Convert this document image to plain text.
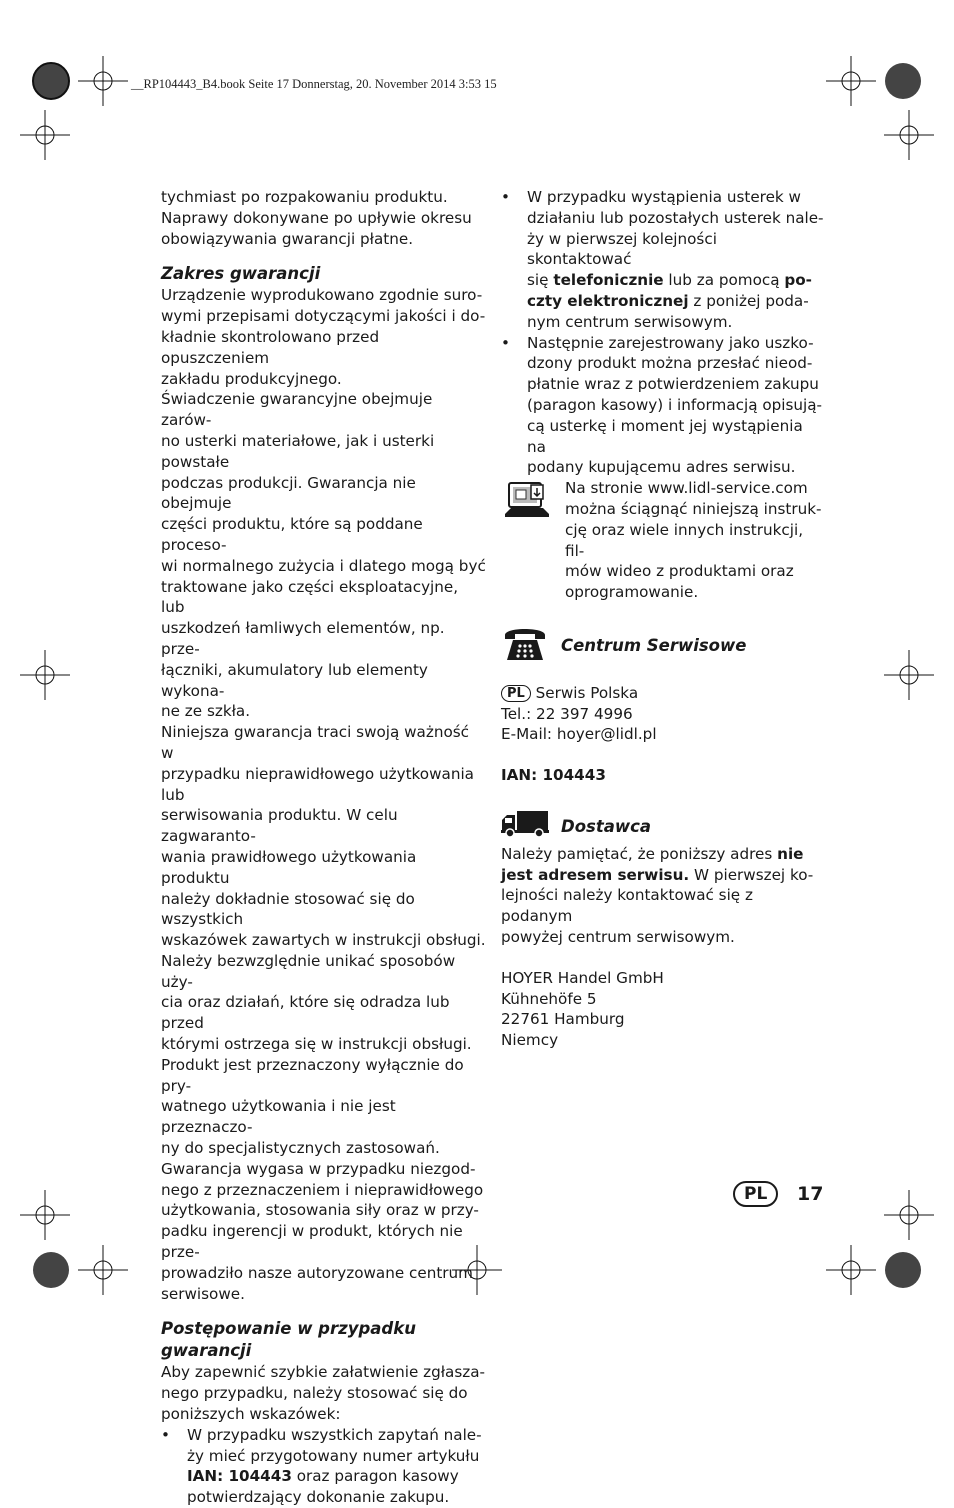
__RP104443_B4.book Seite 17 Donnerstag, 20. November 2014 3:53 15

tychmiast po rozpakowaniu produktu.

Naprawy dokonywane po upływie okresu

obowiązywania gwarancji płatne.

Zakres gwarancji

Urządzenie wyprodukowano zgodnie suro-

wymi przepisami dotyczącymi jakości i do-

kładnie skontrolowano przed opuszczeniem

zakładu produkcyjnego.

Świadczenie gwarancyjne obejmuje zarów-

no usterki materiałowe, jak i usterki powstałe

podczas produkcji. Gwarancja nie obejmuje

części produktu, które są poddane proceso-

wi normalnego zużycia i dlatego mogą być

traktowane jako części eksploatacyjne, lub

uszkodzeń łamliwych elementów, np. prze-

łączniki, akumulatory lub elementy wykona-

ne ze szkła.

Niniejsza gwarancja traci swoją ważność w

przypadku nieprawidłowego użytkowania lub

serwisowania produktu. W celu zagwaranto-

wania prawidłowego użytkowania produktu

należy dokładnie stosować się do wszystkich

wskazówek zawartych w instrukcji obsługi.

Należy bezwzględnie unikać sposobów uży-

cia oraz działań, które się odradza lub przed

którymi ostrzega się w instrukcji obsługi.

Produkt jest przeznaczony wyłącznie do pry-

watnego użytkowania i nie jest przeznaczo-

ny do specjalistycznych zastosowań.

Gwarancja wygasa w przypadku niezgod-

nego z przeznaczeniem i nieprawidłowego

użytkowania, stosowania siły oraz w przy-

padku ingerencji w produkt, których nie prze-

prowadziło nasze autoryzowane centrum

serwisowe.

Postępowanie w przypadku
gwarancji

Aby zapewnić szybkie załatwienie zgłasza-

nego przypadku, należy stosować się do

poniższych wskazówek:

• W przypadku wszystkich zapytań nale-
ży mieć przygotowany numer artykułu
IAN: 104443 oraz paragon kasowy
potwierdzający dokonanie zakupu.
• W przypadku wystąpienia usterek w
działaniu lub pozostałych usterek nale-
ży w pierwszej kolejności skontaktować
się telefonicznie lub za pomocą po-
czty elektronicznej z poniżej poda-
nym centrum serwisowym.
• Następnie zarejestrowany jako uszko-
dzony produkt można przesłać nieod-
płatnie wraz z potwierdzeniem zakupu
(paragon kasowy) i informacją opisują-
cą usterkę i moment jej wystąpienia na
podany kupującemu adres serwisu.

Na stronie www.lidl-service.com

można ściągnąć niniejszą instruk-

cję oraz wiele innych instrukcji, fil-

mów wideo z produktami oraz

oprogramowanie.

Centrum Serwisowe

PL Serwis Polska

Tel.: 22 397 4996

E-Mail: hoyer@lidl.pl

IAN: 104443

Dostawca

Należy pamiętać, że poniższy adres nie

jest adresem serwisu. W pierwszej ko-

lejności należy kontaktować się z podanym

powyżej centrum serwisowym.

HOYER Handel GmbH

Kühnehöfe 5

22761 Hamburg

Niemcy

PL	17
